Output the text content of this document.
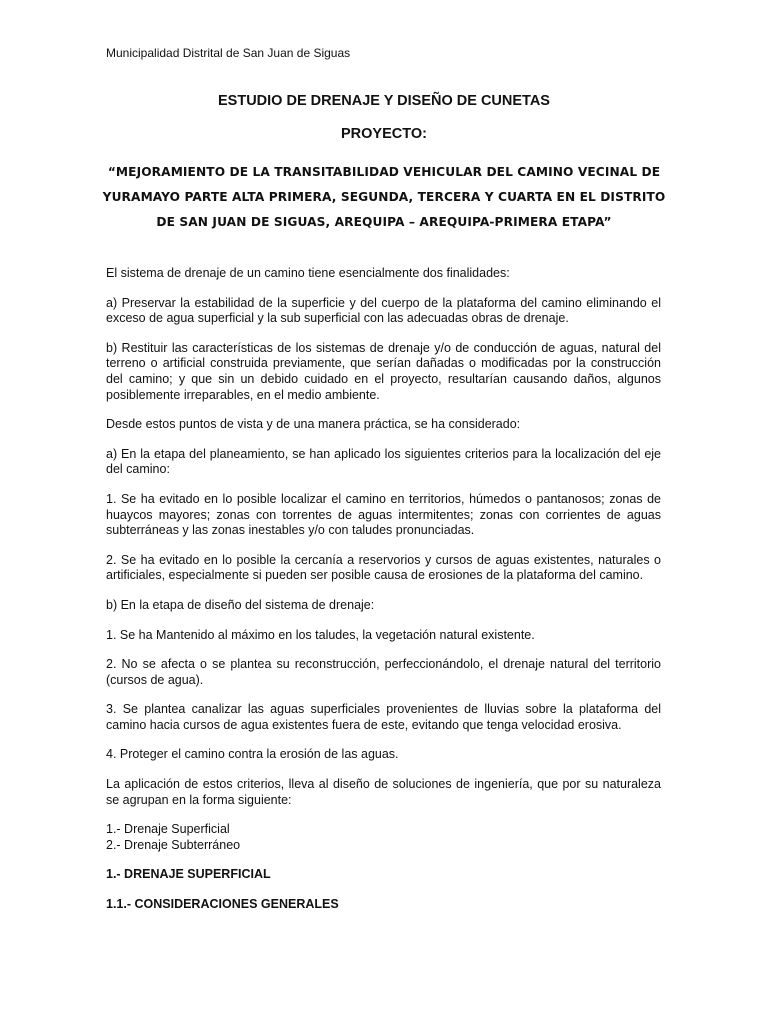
Municipalidad Distrital de San Juan de Siguas
ESTUDIO DE DRENAJE Y DISEÑO DE CUNETAS
PROYECTO:
“MEJORAMIENTO DE LA TRANSITABILIDAD VEHICULAR DEL CAMINO VECINAL DE YURAMAYO PARTE ALTA PRIMERA, SEGUNDA, TERCERA Y CUARTA EN EL DISTRITO DE SAN JUAN DE SIGUAS, AREQUIPA – AREQUIPA-PRIMERA ETAPA”

El sistema de drenaje de un camino tiene esencialmente dos finalidades:

a) Preservar la estabilidad de la superficie y del cuerpo de la plataforma del camino eliminando el exceso de agua superficial y la sub superficial con las adecuadas obras de drenaje.

b) Restituir las características de los sistemas de drenaje y/o de conducción de aguas, natural del terreno o artificial construida previamente, que serían dañadas o modificadas por la construcción del camino; y que sin un debido cuidado en el proyecto, resultarían causando daños, algunos posiblemente irreparables, en el medio ambiente.

Desde estos puntos de vista y de una manera práctica, se ha considerado:

a) En la etapa del planeamiento, se han aplicado los siguientes criterios para la localización del eje del camino:

1. Se ha evitado en lo posible localizar el camino en territorios, húmedos o pantanosos; zonas de huaycos mayores; zonas con torrentes de aguas intermitentes; zonas con corrientes de aguas subterráneas y las zonas inestables y/o con taludes pronunciadas.

2. Se ha evitado en lo posible la cercanía a reservorios y cursos de aguas existentes, naturales o artificiales, especialmente si pueden ser posible causa de erosiones de la plataforma del camino.

b) En la etapa de diseño del sistema de drenaje:

1. Se ha Mantenido al máximo en los taludes, la vegetación natural existente.

2. No se afecta o se plantea su reconstrucción, perfeccionándolo, el drenaje natural del territorio (cursos de agua).

3. Se plantea canalizar las aguas superficiales provenientes de lluvias sobre la plataforma del camino hacia cursos de agua existentes fuera de este, evitando que tenga velocidad erosiva.

4. Proteger el camino contra la erosión de las aguas.

La aplicación de estos criterios, lleva al diseño de soluciones de ingeniería, que por su naturaleza se agrupan en la forma siguiente:

1.- Drenaje Superficial

2.- Drenaje Subterráneo

1.- DRENAJE SUPERFICIAL
1.1.- CONSIDERACIONES GENERALES
